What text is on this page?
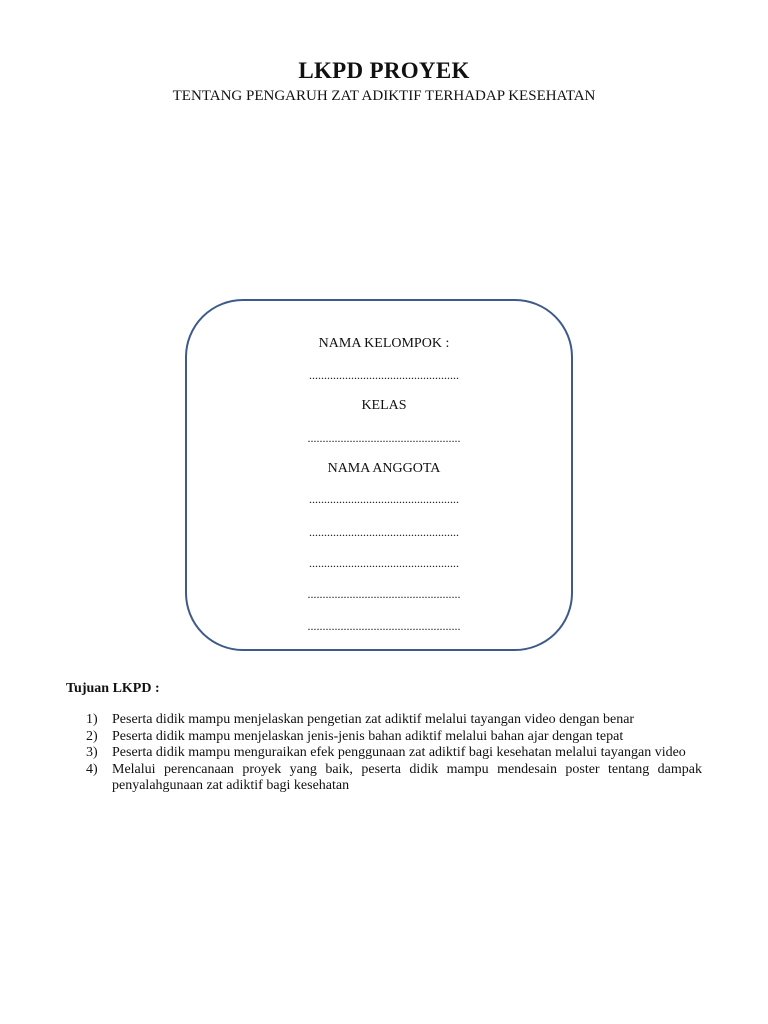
LKPD PROYEK
TENTANG PENGARUH ZAT ADIKTIF TERHADAP KESEHATAN
NAMA KELOMPOK :
..................................................
KELAS
...................................................
NAMA ANGGOTA
..................................................
..................................................
..................................................
...................................................
...................................................
Tujuan LKPD :
1) Peserta didik mampu menjelaskan pengetian zat adiktif melalui tayangan video dengan benar
2) Peserta didik mampu menjelaskan jenis-jenis bahan adiktif melalui bahan ajar dengan tepat
3) Peserta didik mampu menguraikan efek penggunaan zat adiktif bagi kesehatan melalui tayangan video
4) Melalui perencanaan proyek yang baik, peserta didik mampu mendesain poster tentang dampak penyalahgunaan zat adiktif bagi kesehatan
